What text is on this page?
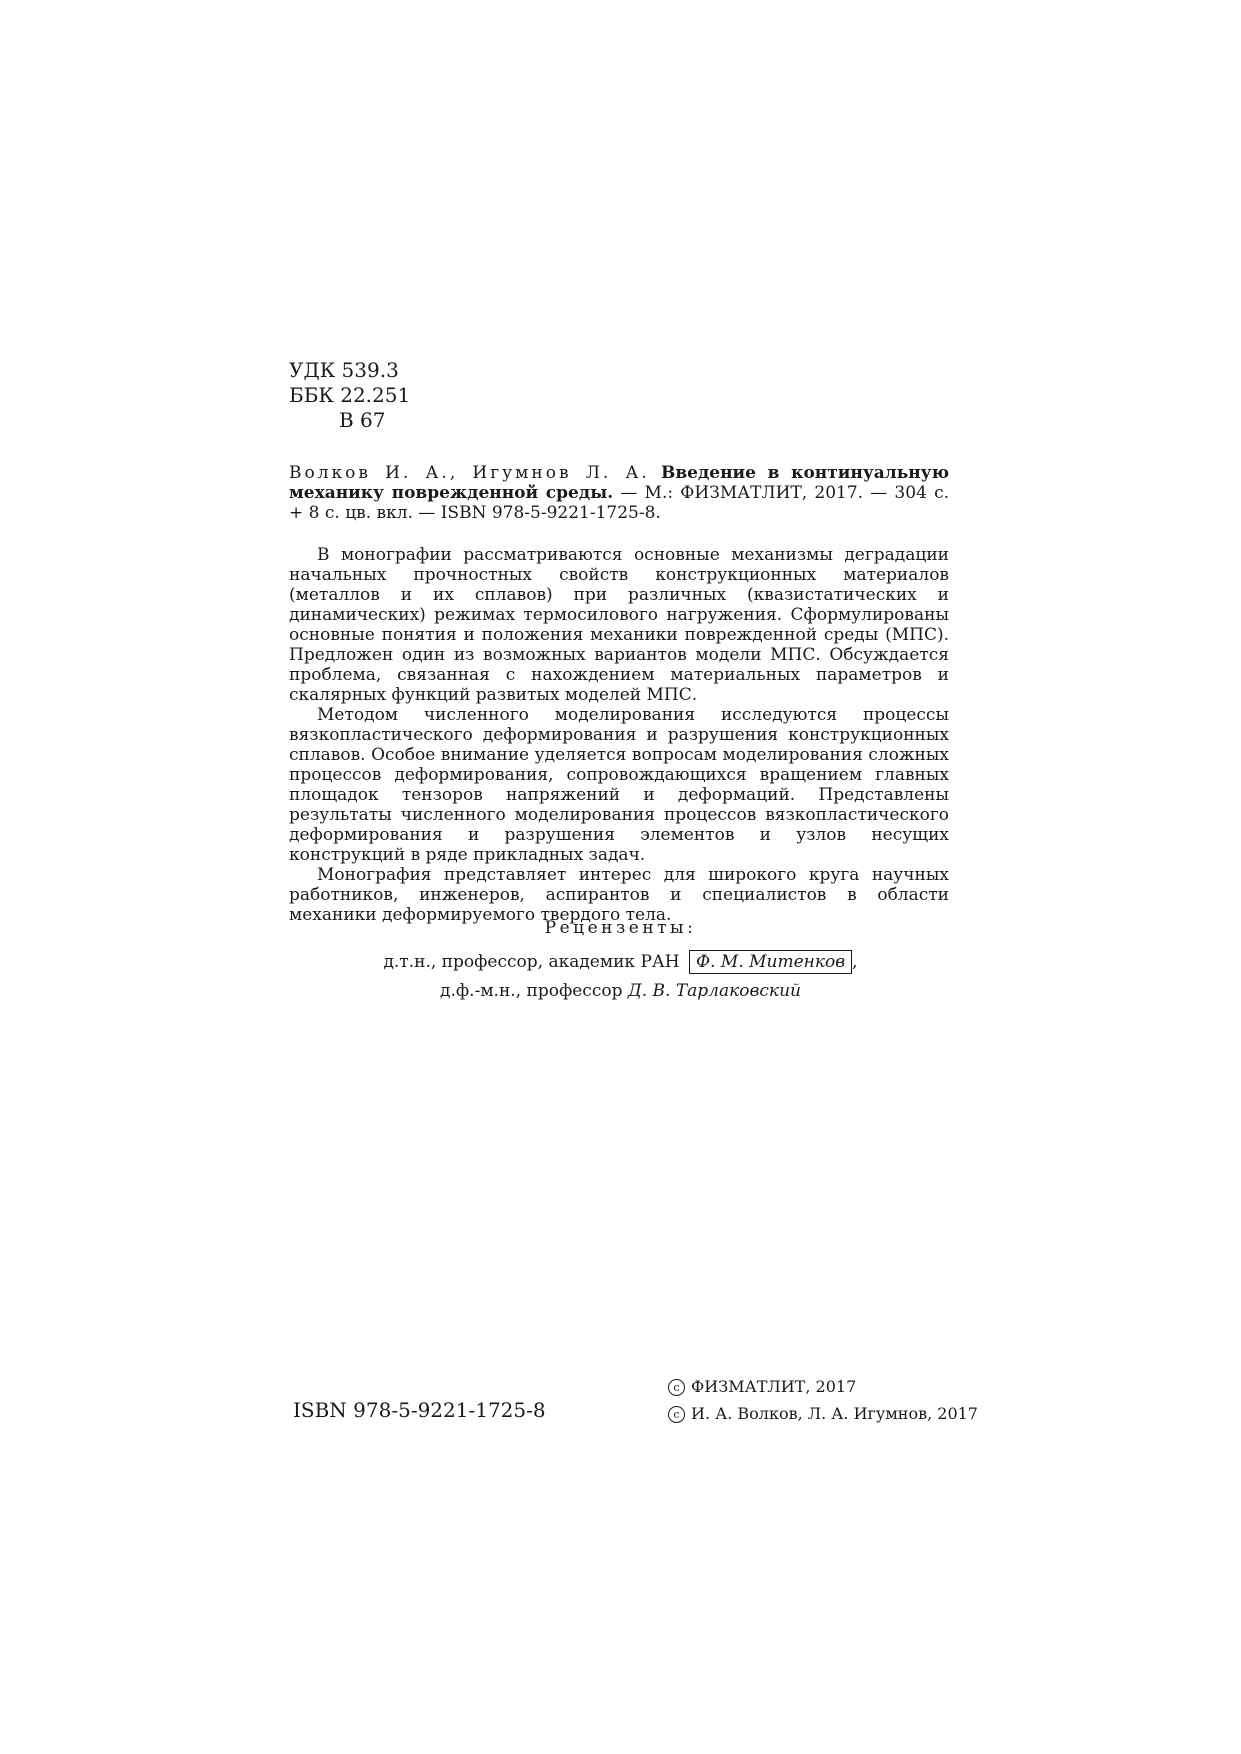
УДК 539.3
ББК 22.251
В 67
Волков И. А., Игумнов Л. А. Введение в континуальную механику поврежденной среды. — М.: ФИЗМАТЛИТ, 2017. — 304 с. + 8 с. цв. вкл. — ISBN 978-5-9221-1725-8.

В монографии рассматриваются основные механизмы деградации начальных прочностных свойств конструкционных материалов (металлов и их сплавов) при различных (квазистатических и динамических) режимах термосилового нагружения. Сформулированы основные понятия и положения механики поврежденной среды (МПС). Предложен один из возможных вариантов модели МПС. Обсуждается проблема, связанная с нахождением материальных параметров и скалярных функций развитых моделей МПС.

Методом численного моделирования исследуются процессы вязкопластического деформирования и разрушения конструкционных сплавов. Особое внимание уделяется вопросам моделирования сложных процессов деформирования, сопровождающихся вращением главных площадок тензоров напряжений и деформаций. Представлены результаты численного моделирования процессов вязкопластического деформирования и разрушения элементов и узлов несущих конструкций в ряде прикладных задач.

Монография представляет интерес для широкого круга научных работников, инженеров, аспирантов и специалистов в области механики деформируемого твердого тела.

Рецензенты:
д.т.н., профессор, академик РАН Ф. М. Митенков ,
д.ф.-м.н., профессор Д. В. Тарлаковский
ISBN 978-5-9221-1725-8
c ФИЗМАТЛИТ, 2017
c И. А. Волков, Л. А. Игумнов, 2017
